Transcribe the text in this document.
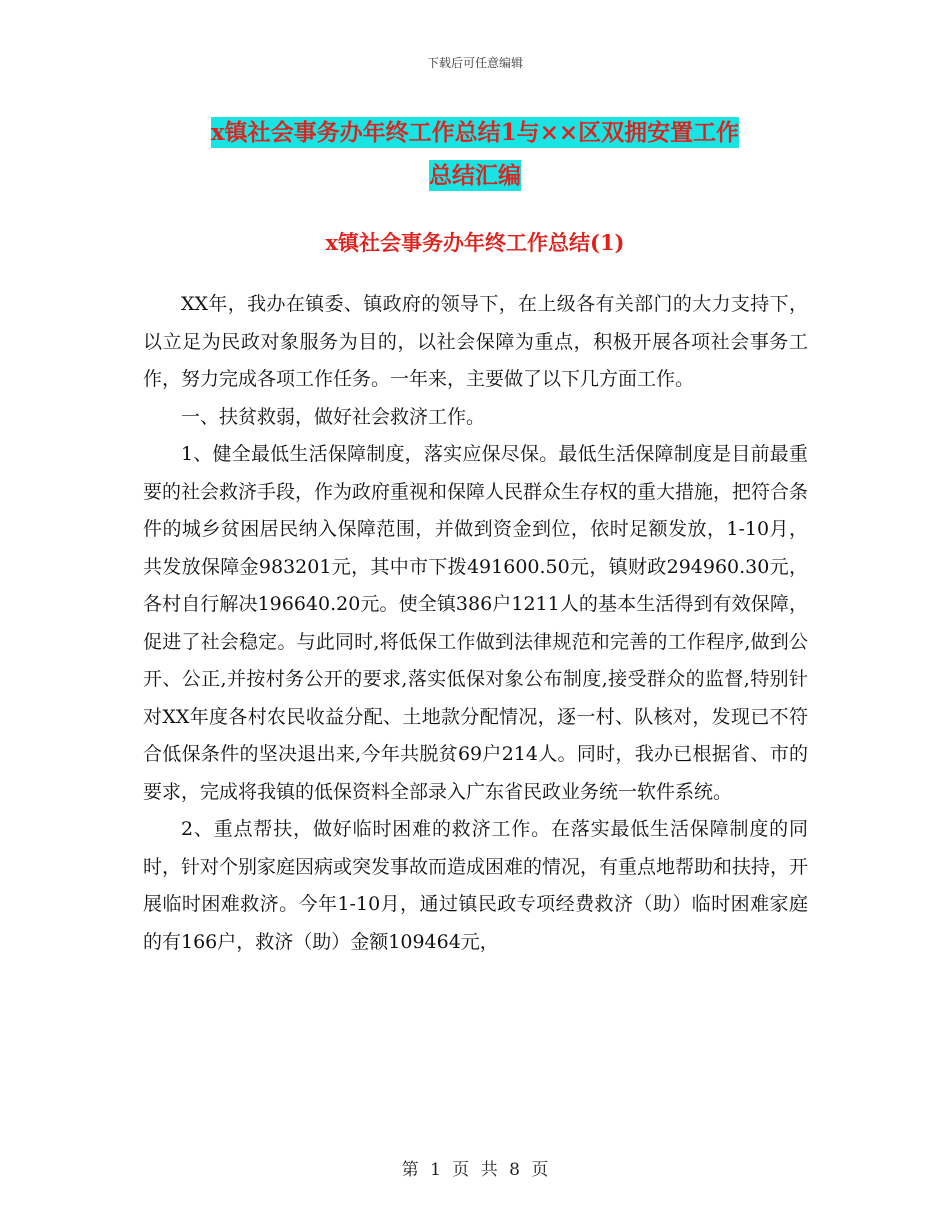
下载后可任意编辑
x镇社会事务办年终工作总结1与××区双拥安置工作
总结汇编
x镇社会事务办年终工作总结(1)

XX年，我办在镇委、镇政府的领导下，在上级各有关部门的大力支持下，以立足为民政对象服务为目的，以社会保障为重点，积极开展各项社会事务工作，努力完成各项工作任务。一年来，主要做了以下几方面工作。

一、扶贫救弱，做好社会救济工作。

1、健全最低生活保障制度，落实应保尽保。最低生活保障制度是目前最重要的社会救济手段，作为政府重视和保障人民群众生存权的重大措施，把符合条件的城乡贫困居民纳入保障范围，并做到资金到位，依时足额发放，1-10月，共发放保障金983201元，其中市下拨491600.50元，镇财政294960.30元，各村自行解决196640.20元。使全镇386户1211人的基本生活得到有效保障，促进了社会稳定。与此同时,将低保工作做到法律规范和完善的工作程序,做到公开、公正,并按村务公开的要求,落实低保对象公布制度,接受群众的监督,特别针对XX年度各村农民收益分配、土地款分配情况，逐一村、队核对，发现已不符合低保条件的坚决退出来,今年共脱贫69户214人。同时，我办已根据省、市的要求，完成将我镇的低保资料全部录入广东省民政业务统一软件系统。

2、重点帮扶，做好临时困难的救济工作。在落实最低生活保障制度的同时，针对个别家庭因病或突发事故而造成困难的情况，有重点地帮助和扶持，开展临时困难救济。今年1-10月，通过镇民政专项经费救济（助）临时困难家庭的有166户，救济（助）金额109464元，

第 1 页 共 8 页
